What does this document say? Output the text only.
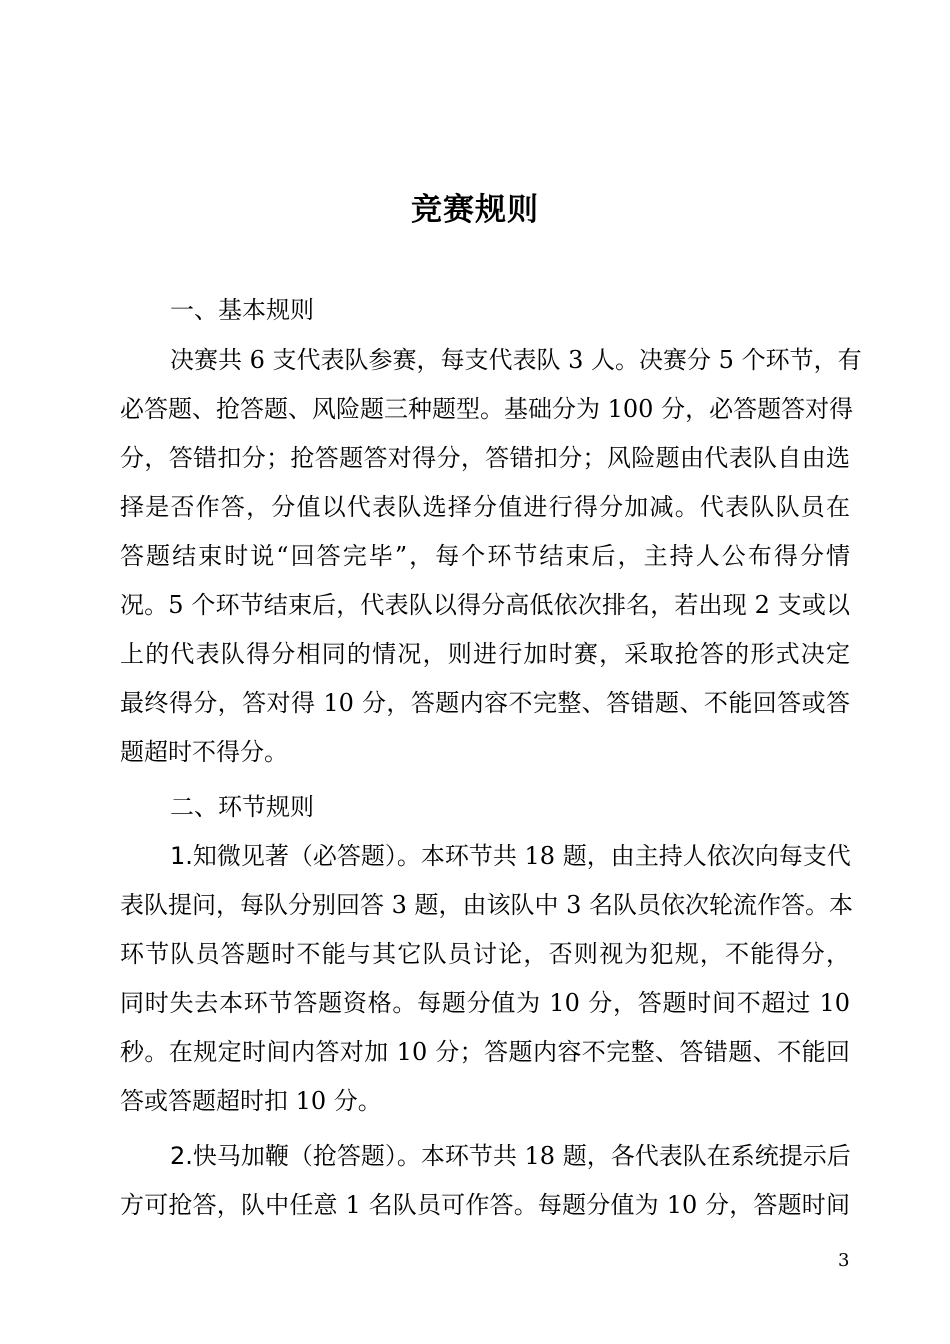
竞赛规则
一、基本规则
决赛共 6 支代表队参赛，每支代表队 3 人。决赛分 5 个环节，有
必答题、抢答题、风险题三种题型。基础分为 100 分，必答题答对得
分，答错扣分；抢答题答对得分，答错扣分；风险题由代表队自由选
择是否作答，分值以代表队选择分值进行得分加减。代表队队员在
答题结束时说“回答完毕”，每个环节结束后，主持人公布得分情
况。5 个环节结束后，代表队以得分高低依次排名，若出现 2 支或以
上的代表队得分相同的情况，则进行加时赛，采取抢答的形式决定
最终得分，答对得 10 分，答题内容不完整、答错题、不能回答或答
题超时不得分。
二、环节规则
1.知微见著（必答题）。本环节共 18 题，由主持人依次向每支代
表队提问，每队分别回答 3 题，由该队中 3 名队员依次轮流作答。本
环节队员答题时不能与其它队员讨论，否则视为犯规，不能得分，
同时失去本环节答题资格。每题分值为 10 分，答题时间不超过 10
秒。在规定时间内答对加 10 分；答题内容不完整、答错题、不能回
答或答题超时扣 10 分。
2.快马加鞭（抢答题）。本环节共 18 题，各代表队在系统提示后
方可抢答，队中任意 1 名队员可作答。每题分值为 10 分，答题时间
3
